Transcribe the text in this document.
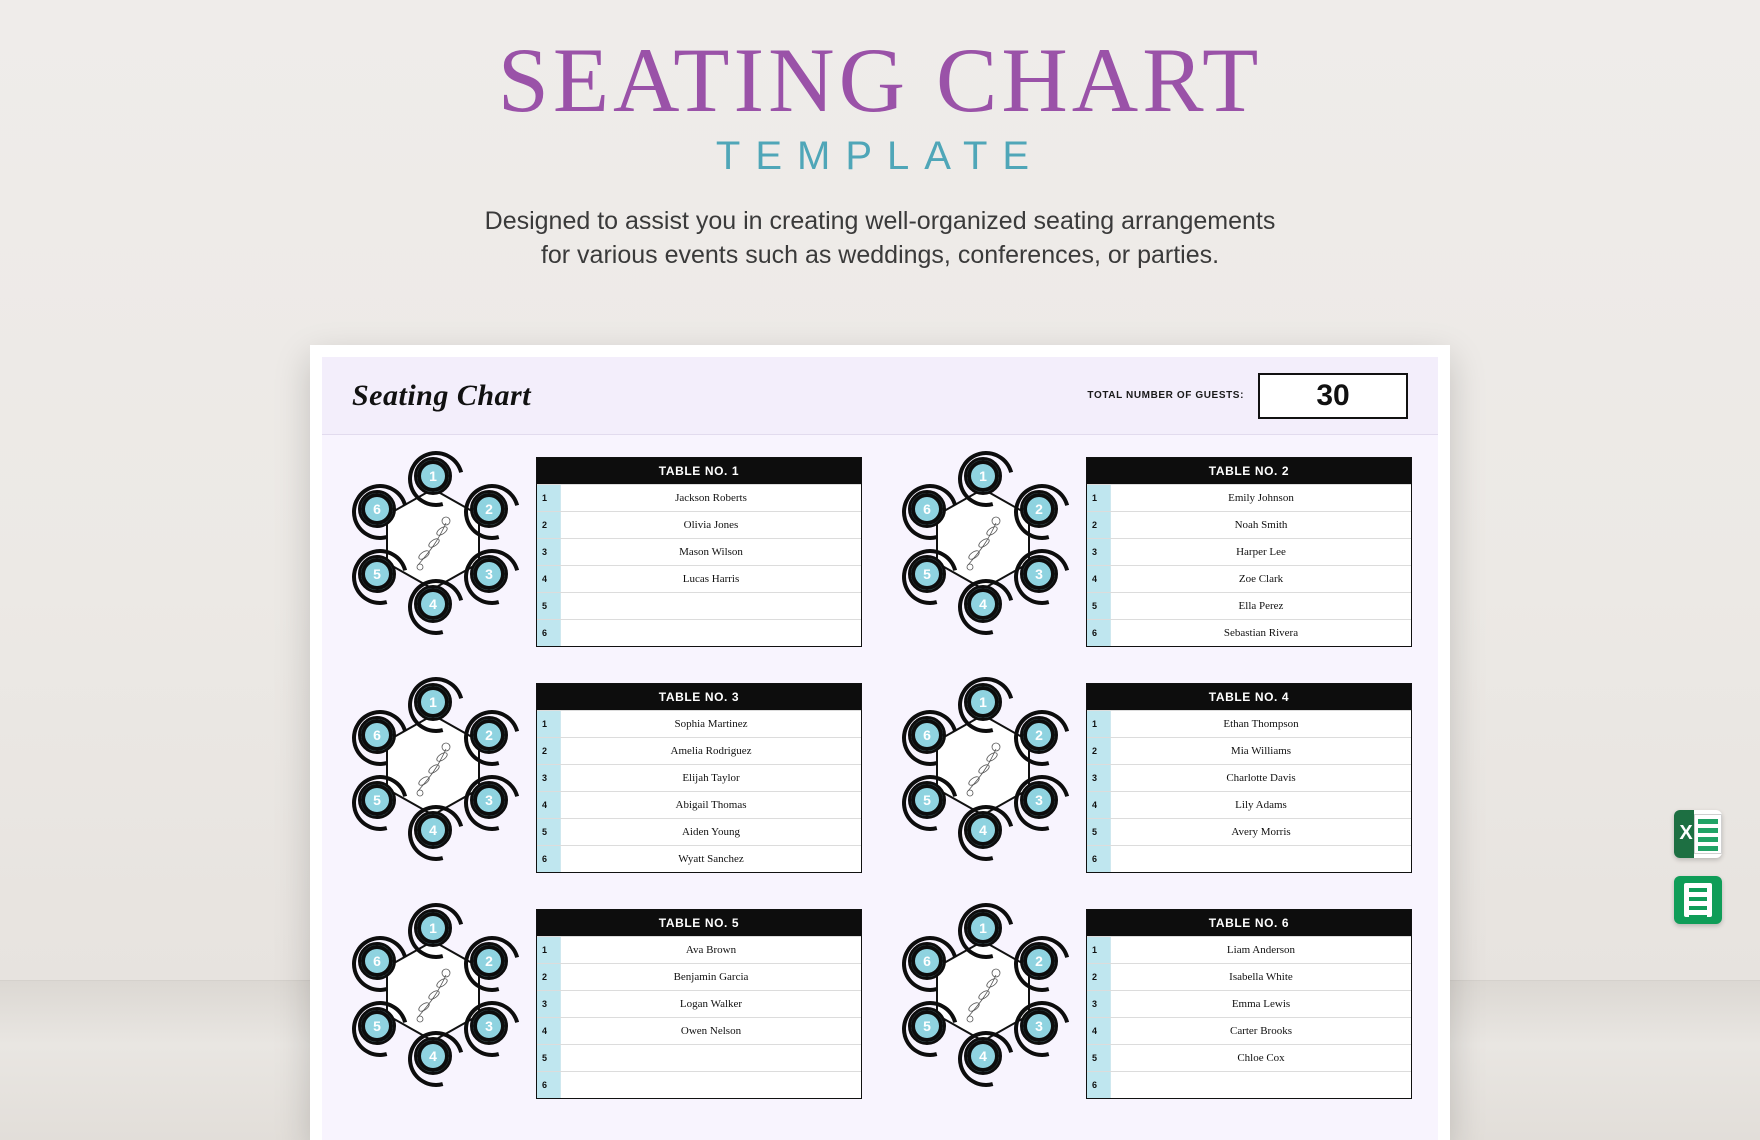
SEATING CHART
TEMPLATE
Designed to assist you in creating well-organized seating arrangements
for various events such as weddings, conferences, or parties.
Seating Chart	TOTAL NUMBER OF GUESTS:	30
1
2
3
4
5
6
TABLE NO. 1
1	Jackson Roberts
2	Olivia Jones
3	Mason Wilson
4	Lucas Harris
5
6
1
2
3
4
5
6
TABLE NO. 2
1	Emily Johnson
2	Noah Smith
3	Harper Lee
4	Zoe Clark
5	Ella Perez
6	Sebastian Rivera
1
2
3
4
5
6
TABLE NO. 3
1	Sophia Martinez
2	Amelia Rodriguez
3	Elijah Taylor
4	Abigail Thomas
5	Aiden Young
6	Wyatt Sanchez
1
2
3
4
5
6
TABLE NO. 4
1	Ethan Thompson
2	Mia Williams
3	Charlotte Davis
4	Lily Adams
5	Avery Morris
6
1
2
3
4
5
6
TABLE NO. 5
1	Ava Brown
2	Benjamin Garcia
3	Logan Walker
4	Owen Nelson
5
6
1
2
3
4
5
6
TABLE NO. 6
1	Liam Anderson
2	Isabella White
3	Emma Lewis
4	Carter Brooks
5	Chloe Cox
6
X
